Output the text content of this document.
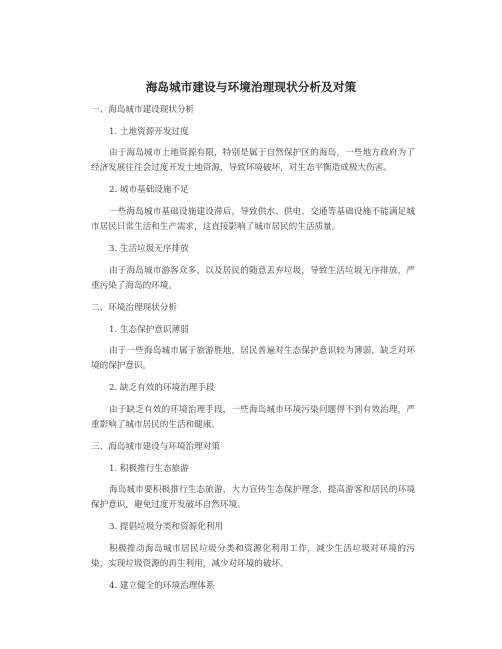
海岛城市建设与环境治理现状分析及对策
一、海岛城市建设现状分析
1. 土地资源开发过度
由于海岛城市土地资源有限，特别是属于自然保护区的海岛，一些地方政府为了经济发展往往会过度开发土地资源，导致环境破坏，对生态平衡造成极大伤害。
2. 城市基础设施不足
一些海岛城市基础设施建设滞后，导致供水、供电、交通等基础设施不能满足城市居民日常生活和生产需求，这直接影响了城市居民的生活质量。
3. 生活垃圾无序排放
由于海岛城市游客众多，以及居民的随意丢弃垃圾，导致生活垃圾无序排放，严重污染了海岛的环境。
二、环境治理现状分析
1. 生态保护意识薄弱
由于一些海岛城市属于旅游胜地，居民普遍对生态保护意识较为薄弱，缺乏对环境的保护意识。
2. 缺乏有效的环境治理手段
由于缺乏有效的环境治理手段，一些海岛城市环境污染问题得不到有效治理，严重影响了城市居民的生活和健康。
三、海岛城市建设与环境治理对策
1. 积极推行生态旅游
海岛城市要积极推行生态旅游，大力宣传生态保护理念，提高游客和居民的环境保护意识，避免过度开发破坏自然环境。
3. 提倡垃圾分类和资源化利用
积极推动海岛城市居民垃圾分类和资源化利用工作，减少生活垃圾对环境的污染，实现垃圾资源的再生利用，减少对环境的破坏。
4. 建立健全的环境治理体系
